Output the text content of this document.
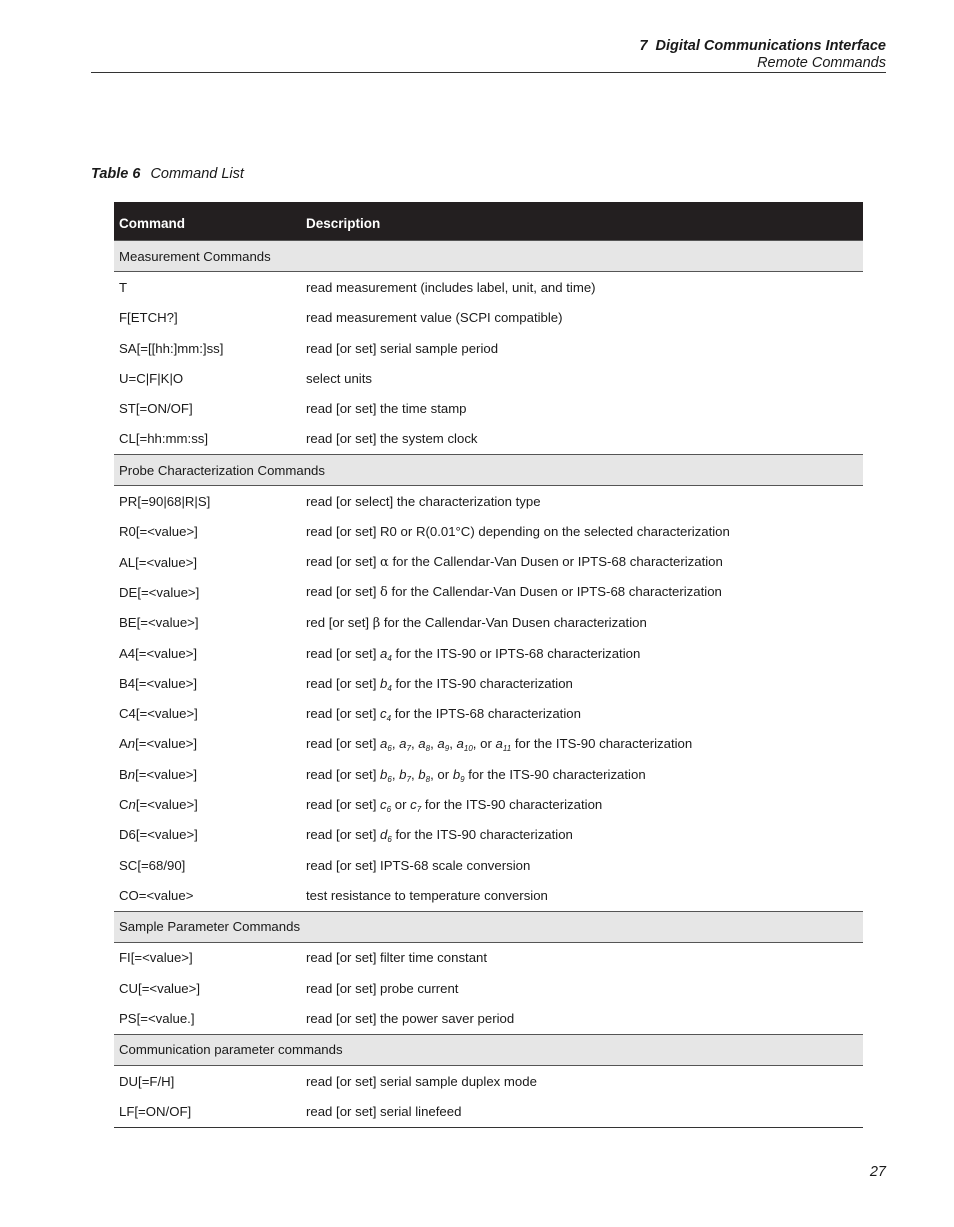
7  Digital Communications Interface
Remote Commands
Table 6 Command List
Command	Description
Measurement Commands	
T	read measurement (includes label, unit, and time)
F[ETCH?]	read measurement value (SCPI compatible)
SA[=[[hh:]mm:]ss]	read [or set] serial sample period
U=C|F|K|O	select units
ST[=ON/OF]	read [or set] the time stamp
CL[=hh:mm:ss]	read [or set] the system clock
Probe Characterization Commands	
PR[=90|68|R|S]	read [or select] the characterization type
R0[=<value>]	read [or set] R0 or R(0.01°C) depending on the selected characterization
AL[=<value>]	read [or set] α for the Callendar-Van Dusen or IPTS-68 characterization
DE[=<value>]	read [or set] δ for the Callendar-Van Dusen or IPTS-68 characterization
BE[=<value>]	red [or set] β for the Callendar-Van Dusen characterization
A4[=<value>]	read [or set] $a_4$ for the ITS-90 or IPTS-68 characterization
B4[=<value>]	read [or set] $b_4$ for the ITS-90 characterization
C4[=<value>]	read [or set] $c_4$ for the IPTS-68 characterization
An[=<value>]	read [or set] $a_6$, $a_7$, $a_8$, $a_9$, $a_{10}$, or $a_{11}$ for the ITS-90 characterization
Bn[=<value>]	read [or set] $b_6$, $b_7$, $b_8$, or $b_9$ for the ITS-90 characterization
Cn[=<value>]	read [or set] $c_6$ or $c_7$ for the ITS-90 characterization
D6[=<value>]	read [or set] $d_6$ for the ITS-90 characterization
SC[=68/90]	read [or set] IPTS-68 scale conversion
CO=<value>	test resistance to temperature conversion
Sample Parameter Commands	
FI[=<value>]	read [or set] filter time constant
CU[=<value>]	read [or set] probe current
PS[=<value.]	read [or set] the power saver period
Communication parameter commands	
DU[=F/H]	read [or set] serial sample duplex mode
LF[=ON/OF]	read [or set] serial linefeed
27
